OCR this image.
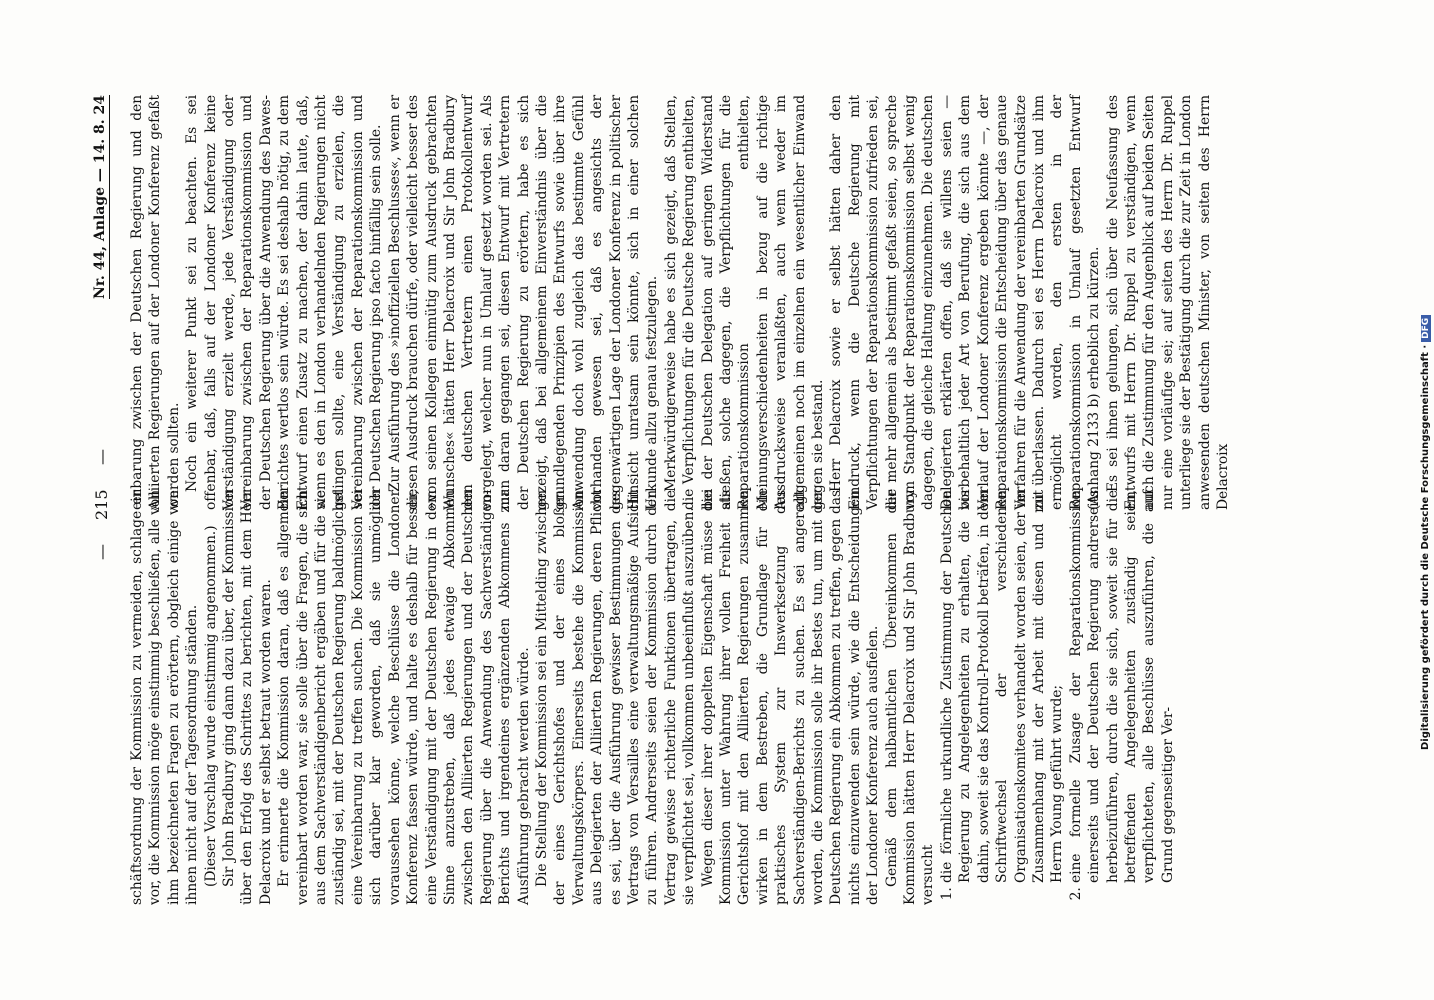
—
215
—
Nr. 44, Anlage — 14. 8. 24

schäftsordnung der Kommission zu vermeiden, schlage er vor, die Kommission möge einstimmig beschließen, alle von ihm bezeichneten Fragen zu erörtern, obgleich einige von ihnen nicht auf der Tagesordnung ständen. (Dieser Vorschlag wurde einstimmig angenommen.) Sir John Bradbury ging dann dazu über, der Kommission über den Erfolg des Schrittes zu berichten, mit dem Herr Delacroix und er selbst betraut worden waren. Er erinnerte die Kommission daran, daß es allgemein vereinbart worden war, sie solle über die Fragen, die sich aus dem Sachverständigenbericht ergäben und für die sie zuständig sei, mit der Deutschen Regierung baldmöglichst eine Vereinbarung zu treffen suchen. Die Kommission sei sich darüber klar geworden, daß sie unmöglich voraussehen könne, welche Beschlüsse die Londoner Konferenz fassen würde, und halte es deshalb für besser, eine Verständigung mit der Deutschen Regierung in dem Sinne anzustreben, daß jedes etwaige Abkommen zwischen den Alliierten Regierungen und der Deutschen Regierung über die Anwendung des Sachverständigen-Berichts und irgendeines ergänzenden Abkommens zur Ausführung gebracht werden würde. Die Stellung der Kommission sei ein Mittelding zwischen der eines Gerichtshofes und der eines bloßen Verwaltungskörpers. Einerseits bestehe die Kommission aus Delegierten der Alliierten Regierungen, deren Pflicht es sei, über die Ausführung gewisser Bestimmungen des Vertrags von Versailles eine verwaltungsmäßige Aufsicht zu führen. Andrerseits seien der Kommission durch den Vertrag gewisse richterliche Funktionen übertragen, die sie verpflichtet sei, vollkommen unbeeinflußt auszuüben. Wegen dieser ihrer doppelten Eigenschaft müsse die Kommission unter Wahrung ihrer vollen Freiheit als Gerichtshof mit den Alliierten Regierungen zusammen wirken in dem Bestreben, die Grundlage für ein praktisches System zur Inswerksetzung des Sachverständigen-Berichts zu suchen. Es sei angeregt worden, die Kommission solle ihr Bestes tun, um mit der Deutschen Regierung ein Abkommen zu treffen, gegen das nichts einzuwenden sein würde, wie die Entscheidungen der Londoner Konferenz auch ausfielen. Gemäß dem halbamtlichen Übereinkommen der Kommission hätten Herr Delacroix und Sir John Bradbury versucht 1. die förmliche urkundliche Zustimmung der Deutschen Regierung zu Angelegenheiten zu erhalten, die bis dahin, soweit sie das Kontroll-Protokoll beträfen, in dem Schriftwechsel der verschiedenen Organisationskomitees verhandelt worden seien, der im Zusammenhang mit der Arbeit mit diesen und mit Herrn Young geführt wurde; 2. eine formelle Zusage der Reparationskommission einerseits und der Deutschen Regierung andrerseits herbeizuführen, durch die sie sich, soweit sie für die betreffenden Angelegenheiten zuständig seien, verpflichteten, alle Beschlüsse auszuführen, die auf Grund gegenseitiger Ver-

einbarung zwischen der Deutschen Regierung und den Alliierten Regierungen auf der Londoner Konferenz gefaßt werden sollten. Noch ein weiterer Punkt sei zu beachten. Es sei offenbar, daß, falls auf der Londoner Konferenz keine Verständigung erzielt werde, jede Verständigung oder Vereinbarung zwischen der Reparationskommission und der Deutschen Regierung über die Anwendung des Dawes-Berichtes wertlos sein würde. Es sei deshalb nötig, zu dem Entwurf einen Zusatz zu machen, der dahin laute, daß, wenn es den in London verhandelnden Regierungen nicht gelingen sollte, eine Verständigung zu erzielen, die Vereinbarung zwischen der Reparationskommission und der Deutschen Regierung ipso facto hinfällig sein solle. Zur Ausführung des »inoffiziellen Beschlusses«, wenn er diesen Ausdruck brauchen dürfe, oder vielleicht besser des »von seinen Kollegen einmütig zum Ausdruck gebrachten Wunsches« hätten Herr Delacroix und Sir John Bradbury den deutschen Vertretern einen Protokollentwurf vorgelegt, welcher nun in Umlauf gesetzt worden sei. Als man daran gegangen sei, diesen Entwurf mit Vertretern der Deutschen Regierung zu erörtern, habe es sich gezeigt, daß bei allgemeinem Einverständnis über die grundlegenden Prinzipien des Entwurfs sowie über ihre Anwendung doch wohl zugleich das bestimmte Gefühl vorhanden gewesen sei, daß es angesichts der gegenwärtigen Lage der Londoner Konferenz in politischer Hinsicht unratsam sein könnte, sich in einer solchen Urkunde allzu genau festzulegen. Merkwürdigerweise habe es sich gezeigt, daß Stellen, die Verpflichtungen für die Deutsche Regierung enthielten, bei der Deutschen Delegation auf geringen Widerstand stießen, solche dagegen, die Verpflichtungen für die Reparationskommission enthielten, Meinungsverschiedenheiten in bezug auf die richtige Ausdrucksweise veranlaßten, auch wenn weder im allgemeinen noch im einzelnen ein wesentlicher Einwand gegen sie bestand. Herr Delacroix sowie er selbst hätten daher den Eindruck, wenn die Deutsche Regierung mit Verpflichtungen der Reparationskommission zufrieden sei, die mehr allgemein als bestimmt gefaßt seien, so spreche vom Standpunkt der Reparationskommission selbst wenig dagegen, die gleiche Haltung einzunehmen. Die deutschen Delegierten erklärten offen, daß sie willens seien — vorbehaltlich jeder Art von Berufung, die sich aus dem Verlauf der Londoner Konferenz ergeben könnte —, der Reparationskommission die Entscheidung über das genaue Verfahren für die Anwendung der vereinbarten Grundsätze zu überlassen. Dadurch sei es Herrn Delacroix und ihm ermöglicht worden, den ersten in der Reparationskommission in Umlauf gesetzten Entwurf (Anhang 2133 b) erheblich zu kürzen. Es sei ihnen gelungen, sich über die Neufassung des Entwurfs mit Herrn Dr. Ruppel zu verständigen, wenn auch die Zustimmung für den Augenblick auf beiden Seiten nur eine vorläufige sei; auf seiten des Herrn Dr. Ruppel unterliege sie der Bestätigung durch die zur Zeit in London anwesenden deutschen Minister, von seiten des Herrn Delacroix	Digitalisierung gefördert durch die Deutsche Forschungsgemeinschaft ·DFG
